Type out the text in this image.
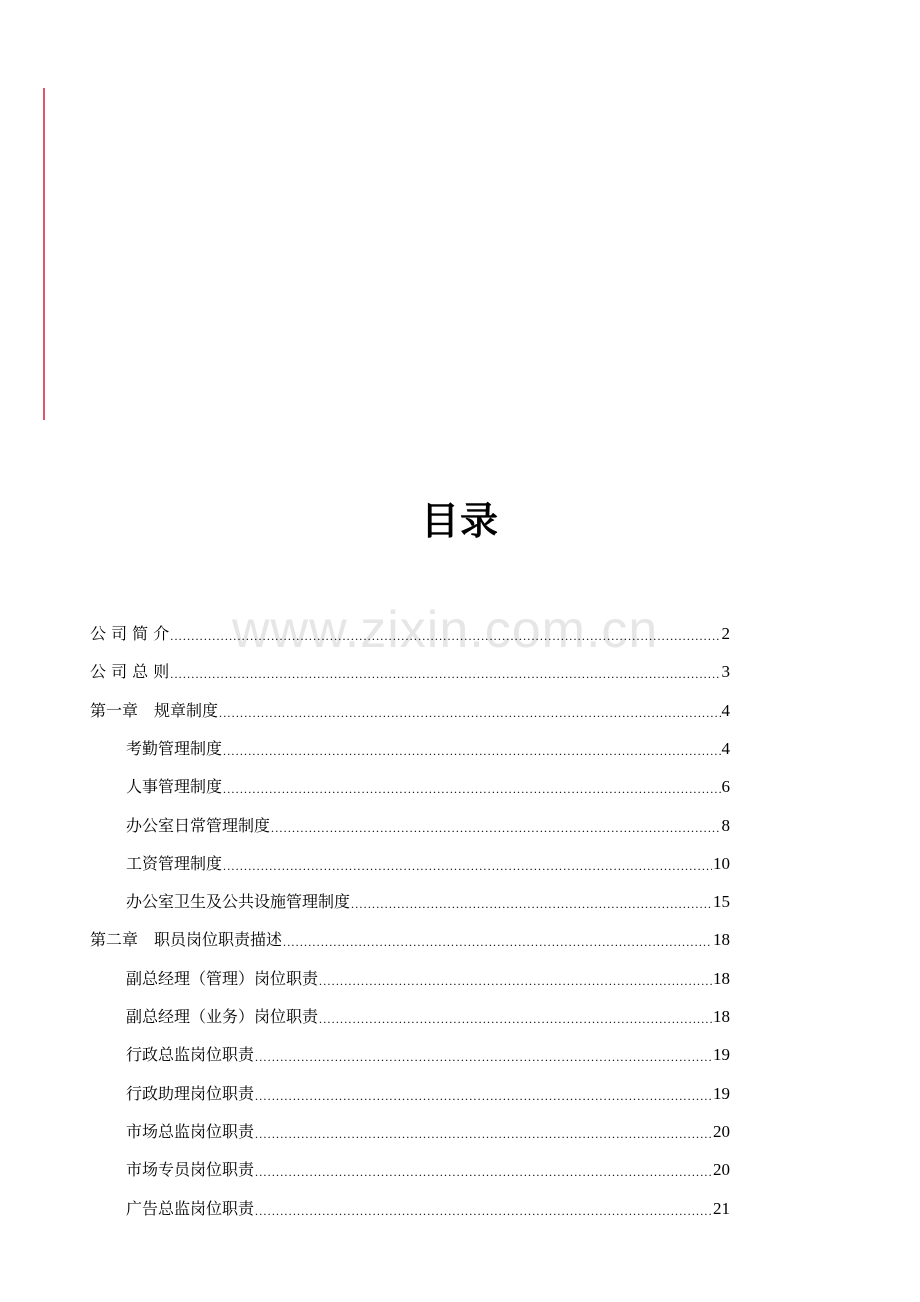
目录
www.zixin.com.cn
公 司 简 介 .....	2
公 司 总 则 .....	3
第一章　规章制度 .....	4
考勤管理制度 .....	4
人事管理制度 .....	6
办公室日常管理制度 .....	8
工资管理制度 .....	10
办公室卫生及公共设施管理制度 .....	15
第二章　职员岗位职责描述 .....	18
副总经理（管理）岗位职责 .....	18
副总经理（业务）岗位职责 .....	18
行政总监岗位职责 .....	19
行政助理岗位职责 .....	19
市场总监岗位职责 .....	20
市场专员岗位职责 .....	20
广告总监岗位职责 .....	21
